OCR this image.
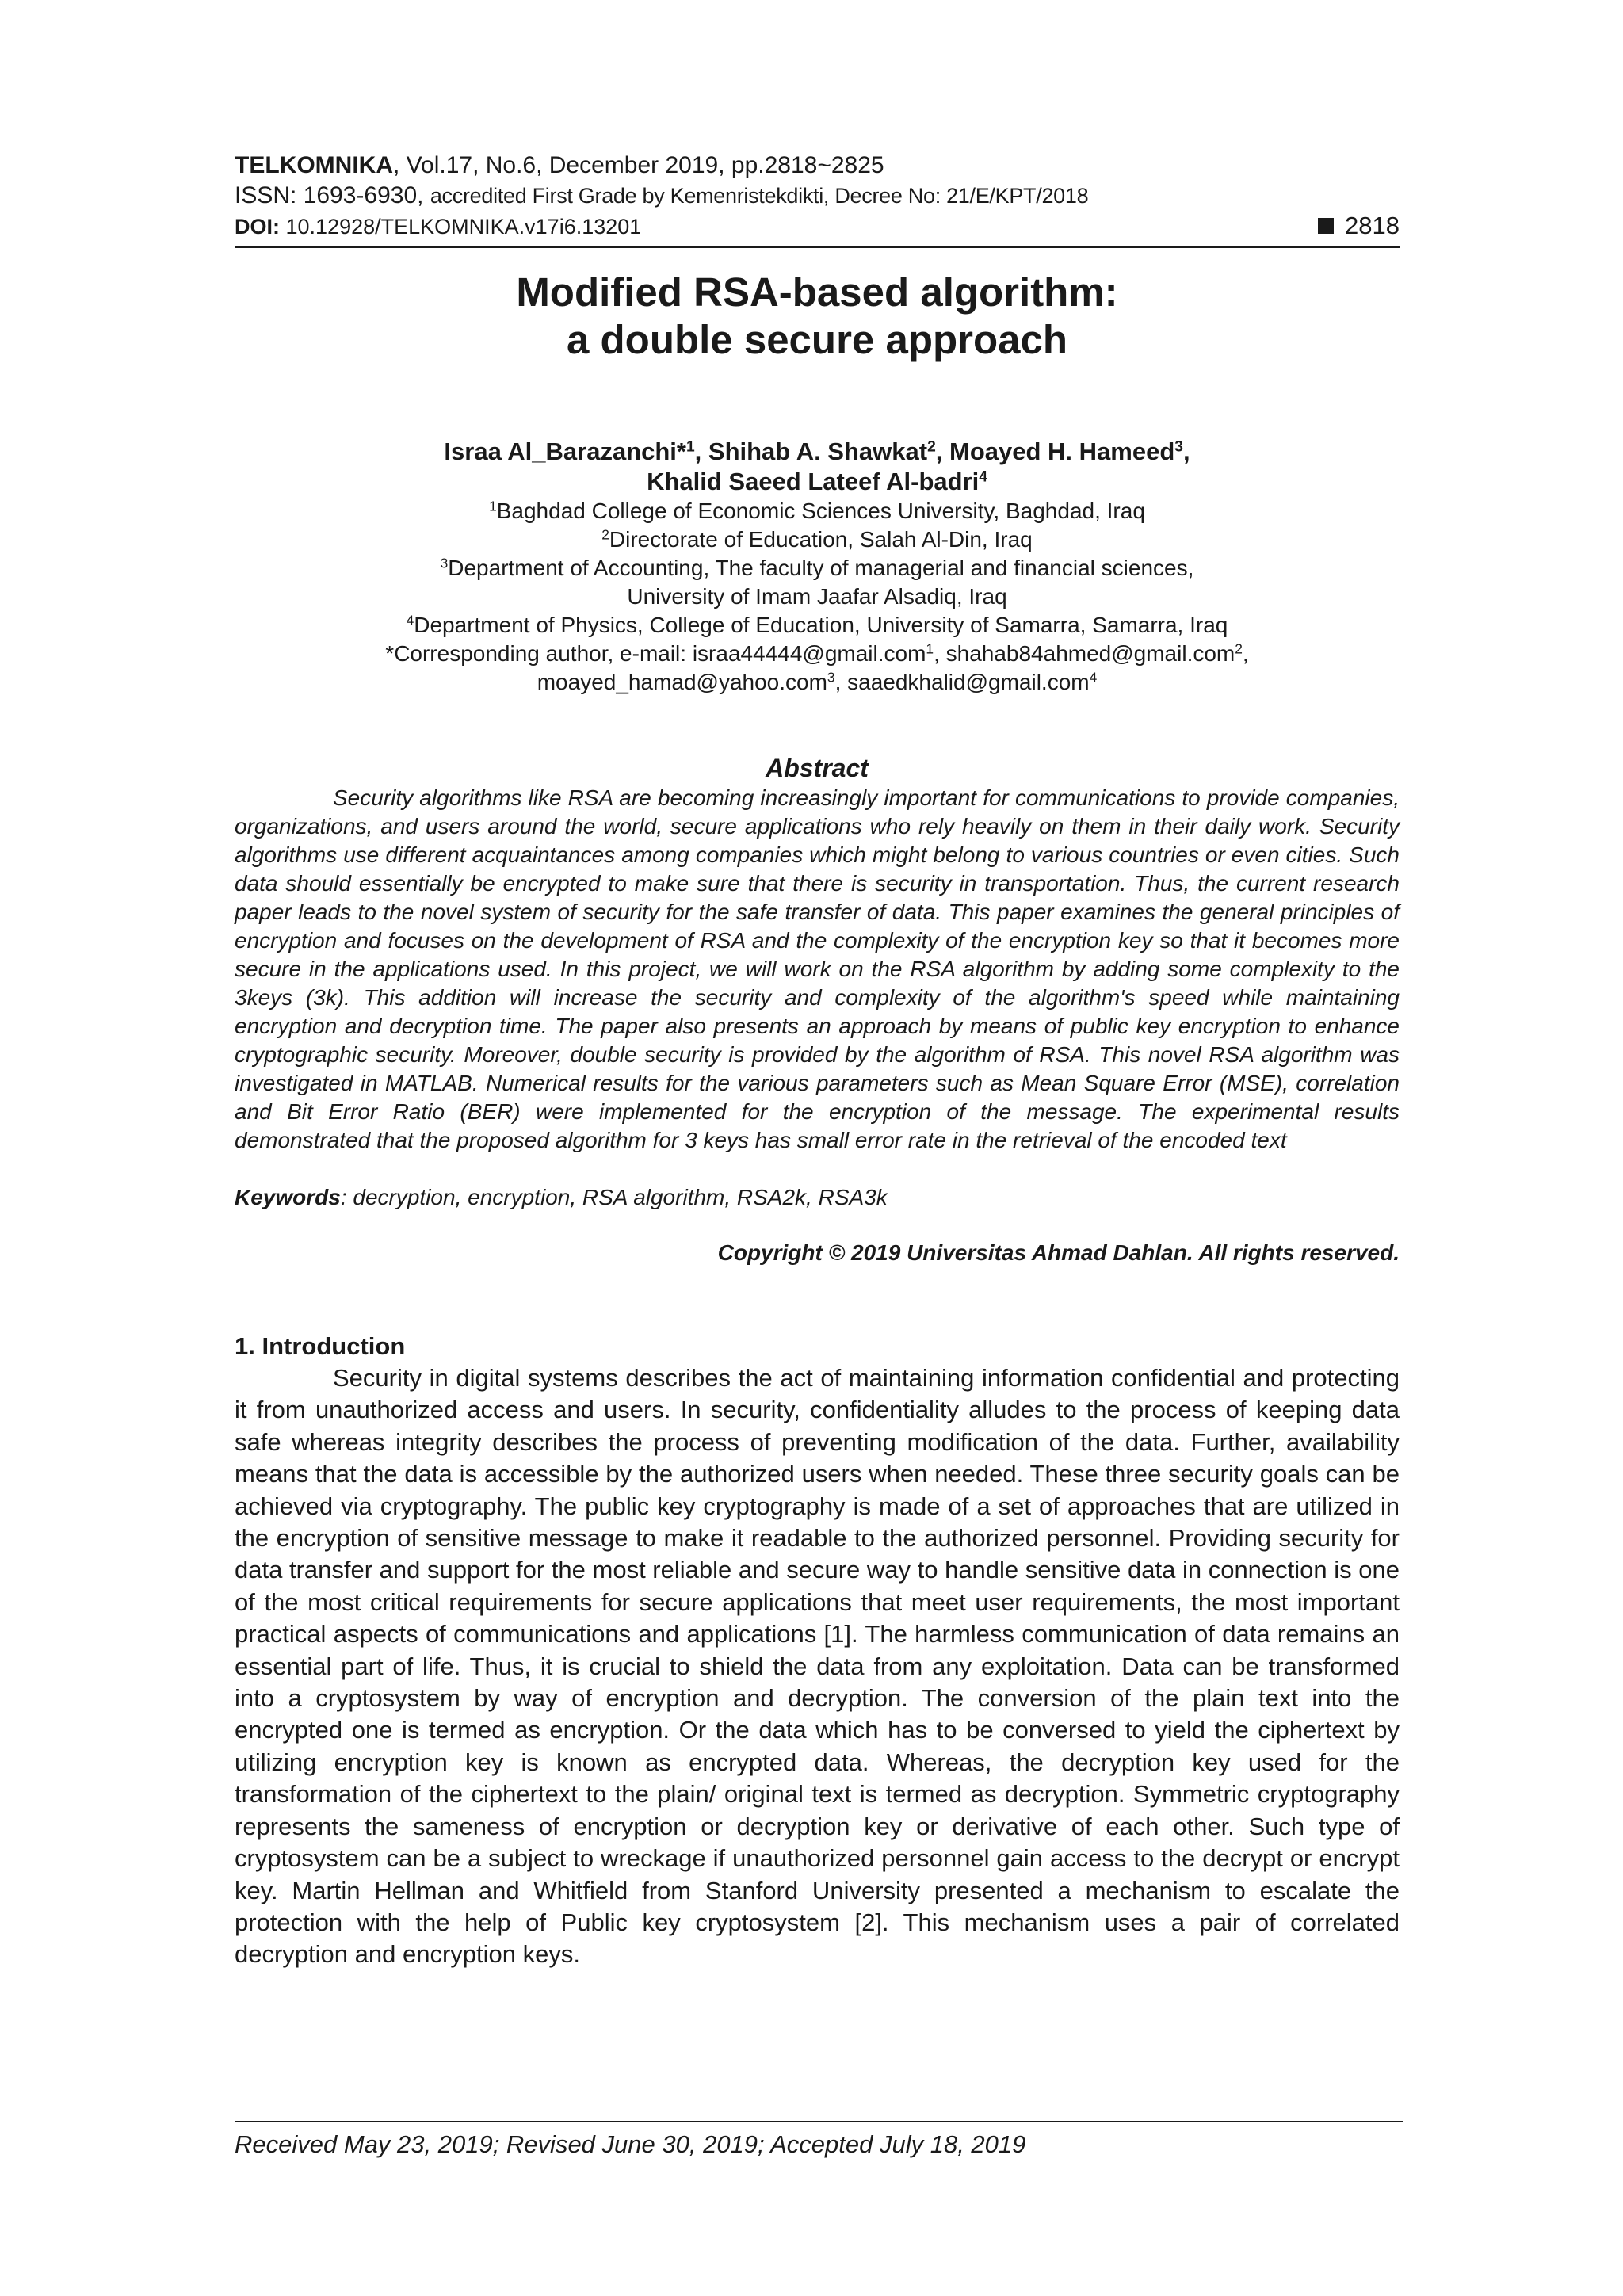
TELKOMNIKA, Vol.17, No.6, December 2019, pp.2818~2825
ISSN: 1693-6930, accredited First Grade by Kemenristekdikti, Decree No: 21/E/KPT/2018
DOI: 10.12928/TELKOMNIKA.v17i6.13201	2818
Modified RSA-based algorithm:
a double secure approach
Israa Al_Barazanchi*$^1$, Shihab A. Shawkat$^2$, Moayed H. Hameed$^3$,
Khalid Saeed Lateef Al-badri$^4$
$^1$Baghdad College of Economic Sciences University, Baghdad, Iraq
$^2$Directorate of Education, Salah Al-Din, Iraq
$^3$Department of Accounting, The faculty of managerial and financial sciences,
University of Imam Jaafar Alsadiq, Iraq
$^4$Department of Physics, College of Education, University of Samarra, Samarra, Iraq
*Corresponding author, e-mail: israa44444@gmail.com$^1$, shahab84ahmed@gmail.com$^2$,
moayed_hamad@yahoo.com$^3$, saaedkhalid@gmail.com$^4$
Abstract

Security algorithms like RSA are becoming increasingly important for communications to provide companies, organizations, and users around the world, secure applications who rely heavily on them in their daily work. Security algorithms use different acquaintances among companies which might belong to various countries or even cities. Such data should essentially be encrypted to make sure that there is security in transportation. Thus, the current research paper leads to the novel system of security for the safe transfer of data. This paper examines the general principles of encryption and focuses on the development of RSA and the complexity of the encryption key so that it becomes more secure in the applications used. In this project, we will work on the RSA algorithm by adding some complexity to the 3keys (3k). This addition will increase the security and complexity of the algorithm's speed while maintaining encryption and decryption time. The paper also presents an approach by means of public key encryption to enhance cryptographic security. Moreover, double security is provided by the algorithm of RSA. This novel RSA algorithm was investigated in MATLAB. Numerical results for the various parameters such as Mean Square Error (MSE), correlation and Bit Error Ratio (BER) were implemented for the encryption of the message. The experimental results demonstrated that the proposed algorithm for 3 keys has small error rate in the retrieval of the encoded text

Keywords: decryption, encryption, RSA algorithm, RSA2k, RSA3k
Copyright © 2019 Universitas Ahmad Dahlan. All rights reserved.
1. Introduction

Security in digital systems describes the act of maintaining information confidential and protecting it from unauthorized access and users. In security, confidentiality alludes to the process of keeping data safe whereas integrity describes the process of preventing modification of the data. Further, availability means that the data is accessible by the authorized users when needed. These three security goals can be achieved via cryptography. The public key cryptography is made of a set of approaches that are utilized in the encryption of sensitive message to make it readable to the authorized personnel. Providing security for data transfer and support for the most reliable and secure way to handle sensitive data in connection is one of the most critical requirements for secure applications that meet user requirements, the most important practical aspects of communications and applications [1]. The harmless communication of data remains an essential part of life. Thus, it is crucial to shield the data from any exploitation. Data can be transformed into a cryptosystem by way of encryption and decryption. The conversion of the plain text into the encrypted one is termed as encryption. Or the data which has to be conversed to yield the ciphertext by utilizing encryption key is known as encrypted data. Whereas, the decryption key used for the transformation of the ciphertext to the plain/ original text is termed as decryption. Symmetric cryptography represents the sameness of encryption or decryption key or derivative of each other. Such type of cryptosystem can be a subject to wreckage if unauthorized personnel gain access to the decrypt or encrypt key. Martin Hellman and Whitfield from Stanford University presented a mechanism to escalate the protection with the help of Public key cryptosystem [2]. This mechanism uses a pair of correlated decryption and encryption keys.

Received May 23, 2019; Revised June 30, 2019; Accepted July 18, 2019
